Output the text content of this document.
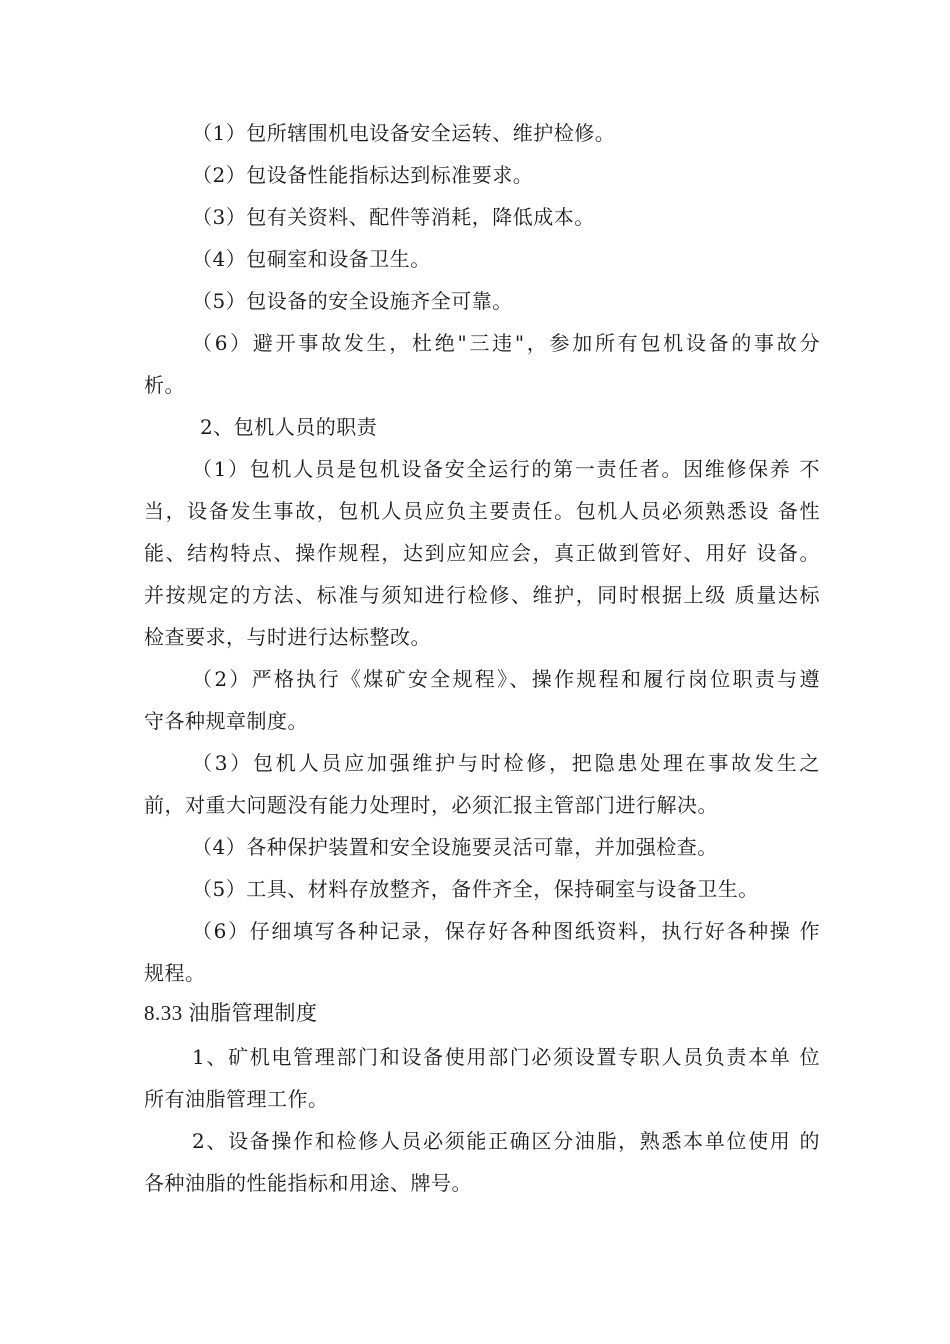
（1）包所辖围机电设备安全运转、维护检修。
（2）包设备性能指标达到标准要求。
（3）包有关资料、配件等消耗，降低成本。
（4）包硐室和设备卫生。
（5）包设备的安全设施齐全可靠。
（6）避开事故发生，杜绝"三违"，参加所有包机设备的事故分
析。
2、包机人员的职责
（1）包机人员是包机设备安全运行的第一责任者。因维修保养 不
当，设备发生事故，包机人员应负主要责任。包机人员必须熟悉设 备性
能、结构特点、操作规程，达到应知应会，真正做到管好、用好 设备。
并按规定的方法、标准与须知进行检修、维护，同时根据上级 质量达标
检查要求，与时进行达标整改。
（2）严格执行《煤矿安全规程》、操作规程和履行岗位职责与遵
守各种规章制度。
（3）包机人员应加强维护与时检修，把隐患处理在事故发生之
前，对重大问题没有能力处理时，必须汇报主管部门进行解决。
（4）各种保护装置和安全设施要灵活可靠，并加强检查。
（5）工具、材料存放整齐，备件齐全，保持硐室与设备卫生。
（6）仔细填写各种记录，保存好各种图纸资料，执行好各种操 作
规程。
8.33 油脂管理制度
1、矿机电管理部门和设备使用部门必须设置专职人员负责本单 位
所有油脂管理工作。
2、设备操作和检修人员必须能正确区分油脂，熟悉本单位使用 的
各种油脂的性能指标和用途、牌号。
